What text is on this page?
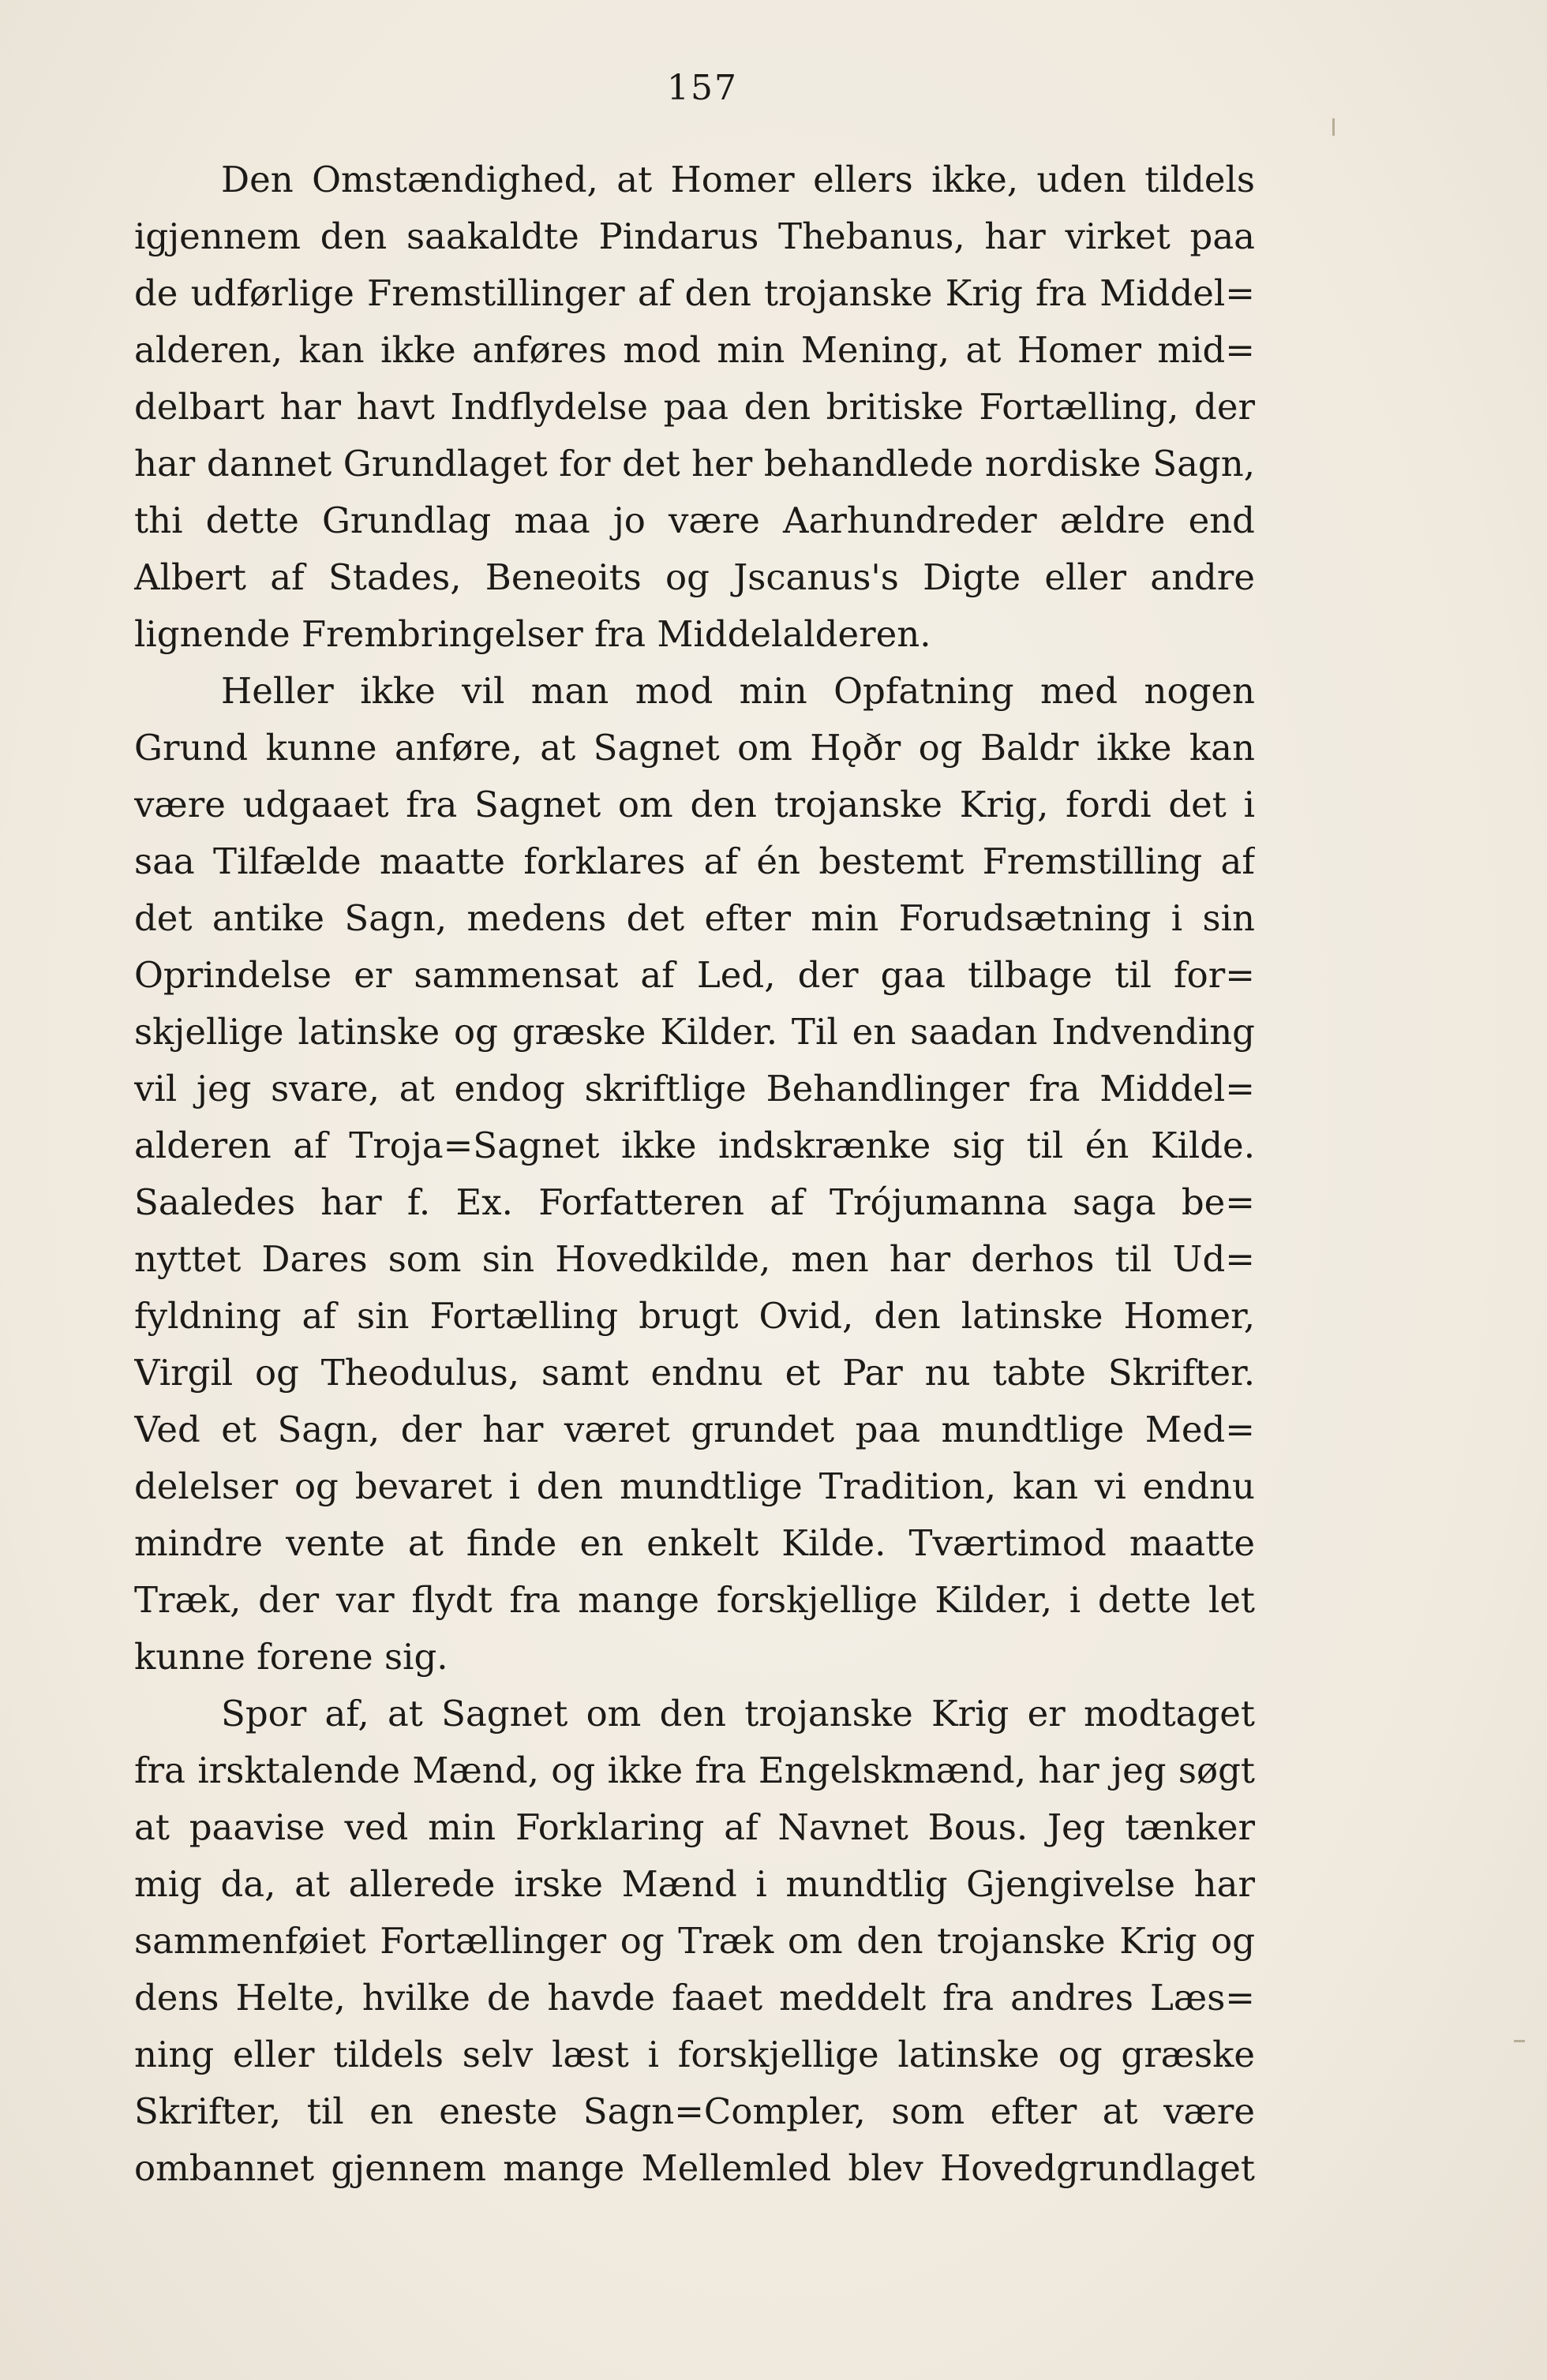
157
Den Omstændighed, at Homer ellers ikke, uden tildels
igjennem den saakaldte Pindarus Thebanus, har virket paa
de udførlige Fremstillinger af den trojanske Krig fra Middel=
alderen, kan ikke anføres mod min Mening, at Homer mid=
delbart har havt Indflydelse paa den britiske Fortælling, der
har dannet Grundlaget for det her behandlede nordiske Sagn,
thi dette Grundlag maa jo være Aarhundreder ældre end
Albert af Stades, Beneoits og Jscanus's Digte eller andre
lignende Frembringelser fra Middelalderen.
Heller ikke vil man mod min Opfatning med nogen
Grund kunne anføre, at Sagnet om Hǫðr og Baldr ikke kan
være udgaaet fra Sagnet om den trojanske Krig, fordi det i
saa Tilfælde maatte forklares af én bestemt Fremstilling af
det antike Sagn, medens det efter min Forudsætning i sin
Oprindelse er sammensat af Led, der gaa tilbage til for=
skjellige latinske og græske Kilder. Til en saadan Indvending
vil jeg svare, at endog skriftlige Behandlinger fra Middel=
alderen af Troja=Sagnet ikke indskrænke sig til én Kilde.
Saaledes har f. Ex. Forfatteren af Trójumanna saga be=
nyttet Dares som sin Hovedkilde, men har derhos til Ud=
fyldning af sin Fortælling brugt Ovid, den latinske Homer,
Virgil og Theodulus, samt endnu et Par nu tabte Skrifter.
Ved et Sagn, der har været grundet paa mundtlige Med=
delelser og bevaret i den mundtlige Tradition, kan vi endnu
mindre vente at finde en enkelt Kilde. Tværtimod maatte
Træk, der var flydt fra mange forskjellige Kilder, i dette let
kunne forene sig.
Spor af, at Sagnet om den trojanske Krig er modtaget
fra irsktalende Mænd, og ikke fra Engelskmænd, har jeg søgt
at paavise ved min Forklaring af Navnet Bous. Jeg tænker
mig da, at allerede irske Mænd i mundtlig Gjengivelse har
sammenføiet Fortællinger og Træk om den trojanske Krig og
dens Helte, hvilke de havde faaet meddelt fra andres Læs=
ning eller tildels selv læst i forskjellige latinske og græske
Skrifter, til en eneste Sagn=Compler, som efter at være
ombannet gjennem mange Mellemled blev Hovedgrundlaget
